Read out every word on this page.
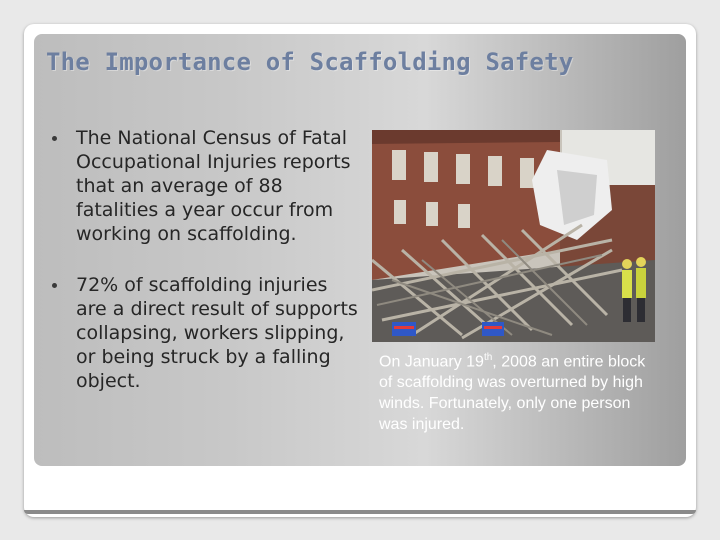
The Importance of Scaffolding Safety
The National Census of Fatal Occupational Injuries reports that an average of 88 fatalities a year occur from working on scaffolding.
72% of scaffolding injuries are a direct result of supports collapsing, workers slipping, or being struck by a falling object.

On January 19th, 2008 an entire block of scaffolding was overturned by high winds. Fortunately, only one person was injured.
